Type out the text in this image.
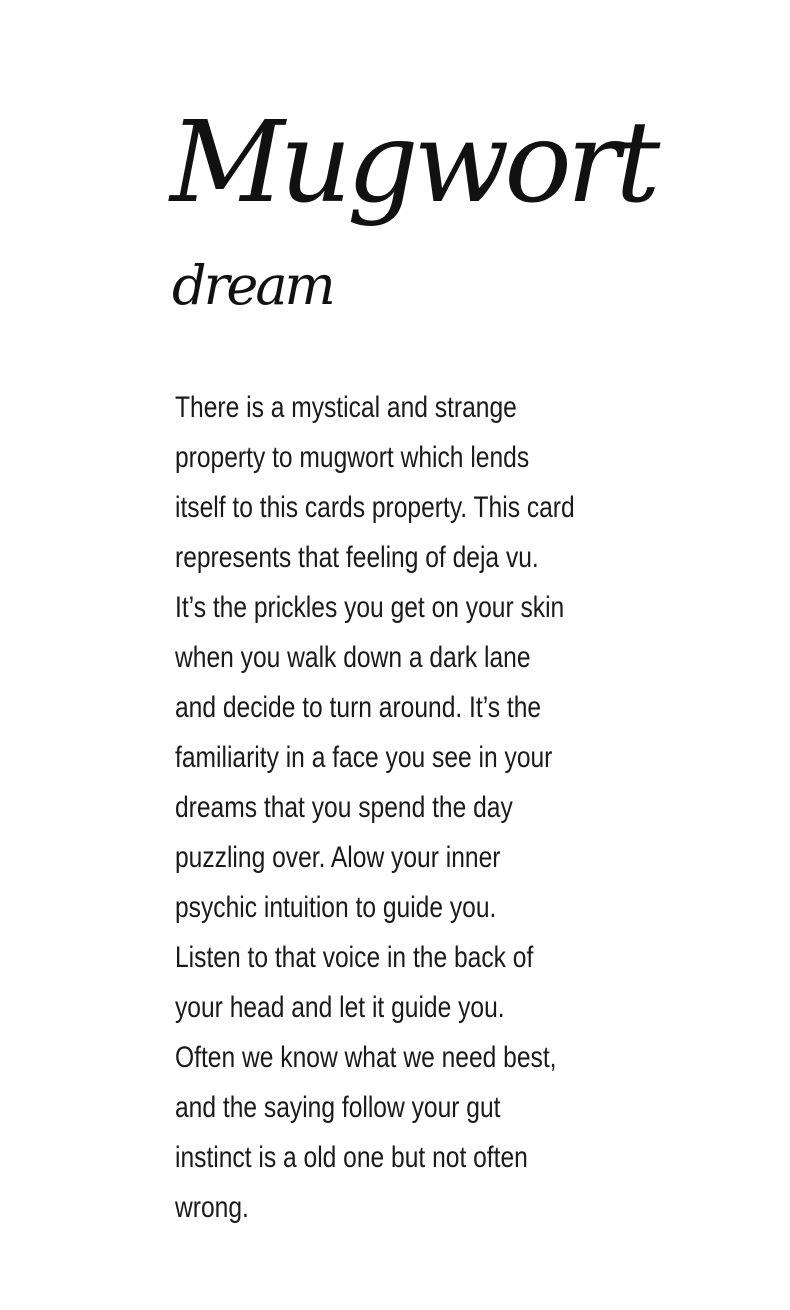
Mugwort
dream
There is a mystical and strange
property to mugwort which lends
itself to this cards property. This card
represents that feeling of deja vu.
It’s the prickles you get on your skin
when you walk down a dark lane
and decide to turn around. It’s the
familiarity in a face you see in your
dreams that you spend the day
puzzling over. Alow your inner
psychic intuition to guide you.
Listen to that voice in the back of
your head and let it guide you.
Often we know what we need best,
and the saying follow your gut
instinct is a old one but not often
wrong.
